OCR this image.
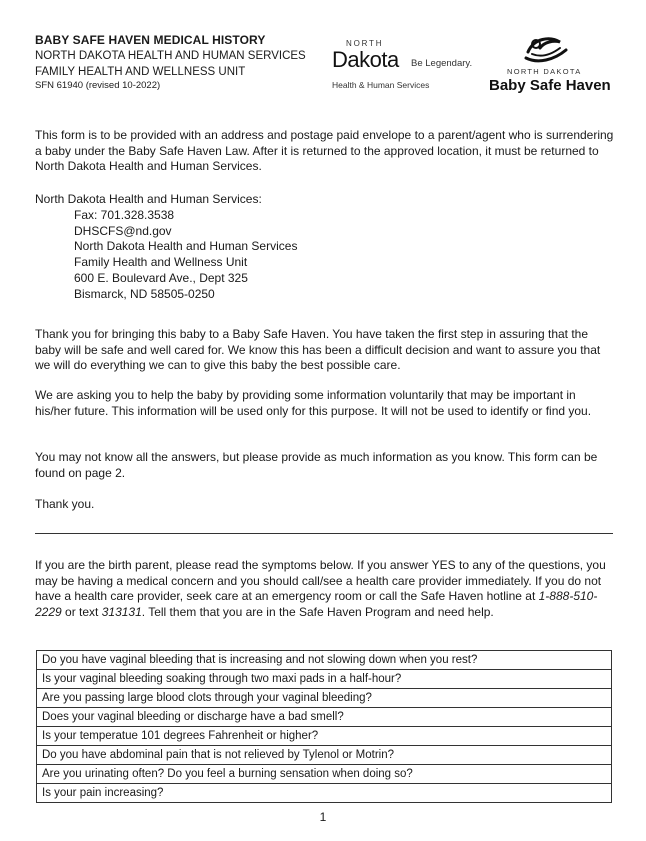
BABY SAFE HAVEN MEDICAL HISTORY
NORTH DAKOTA HEALTH AND HUMAN SERVICES
FAMILY HEALTH AND WELLNESS UNIT
SFN 61940 (revised 10-2022)
NORTH
Dakota Be Legendary.
Health & Human Services
NORTH DAKOTA
Baby Safe Haven

This form is to be provided with an address and postage paid envelope to a parent/agent who is surrendering a baby under the Baby Safe Haven Law. After it is returned to the approved location, it must be returned to North Dakota Health and Human Services.

North Dakota Health and Human Services:
Fax: 701.328.3538
DHSCFS@nd.gov
North Dakota Health and Human Services
Family Health and Wellness Unit
600 E. Boulevard Ave., Dept 325
Bismarck, ND 58505-0250

Thank you for bringing this baby to a Baby Safe Haven. You have taken the first step in assuring that the baby will be safe and well cared for. We know this has been a difficult decision and want to assure you that we will do everything we can to give this baby the best possible care.

We are asking you to help the baby by providing some information voluntarily that may be important in his/her future. This information will be used only for this purpose. It will not be used to identify or find you.

You may not know all the answers, but please provide as much information as you know. This form can be found on page 2.

Thank you.

If you are the birth parent, please read the symptoms below. If you answer YES to any of the questions, you may be having a medical concern and you should call/see a health care provider immediately. If you do not have a health care provider, seek care at an emergency room or call the Safe Haven hotline at 1-888-510-2229 or text 313131. Tell them that you are in the Safe Haven Program and need help.

Do you have vaginal bleeding that is increasing and not slowing down when you rest?
Is your vaginal bleeding soaking through two maxi pads in a half-hour?
Are you passing large blood clots through your vaginal bleeding?
Does your vaginal bleeding or discharge have a bad smell?
Is your temperatue 101 degrees Fahrenheit or higher?
Do you have abdominal pain that is not relieved by Tylenol or Motrin?
Are you urinating often? Do you feel a burning sensation when doing so?
Is your pain increasing?
1
